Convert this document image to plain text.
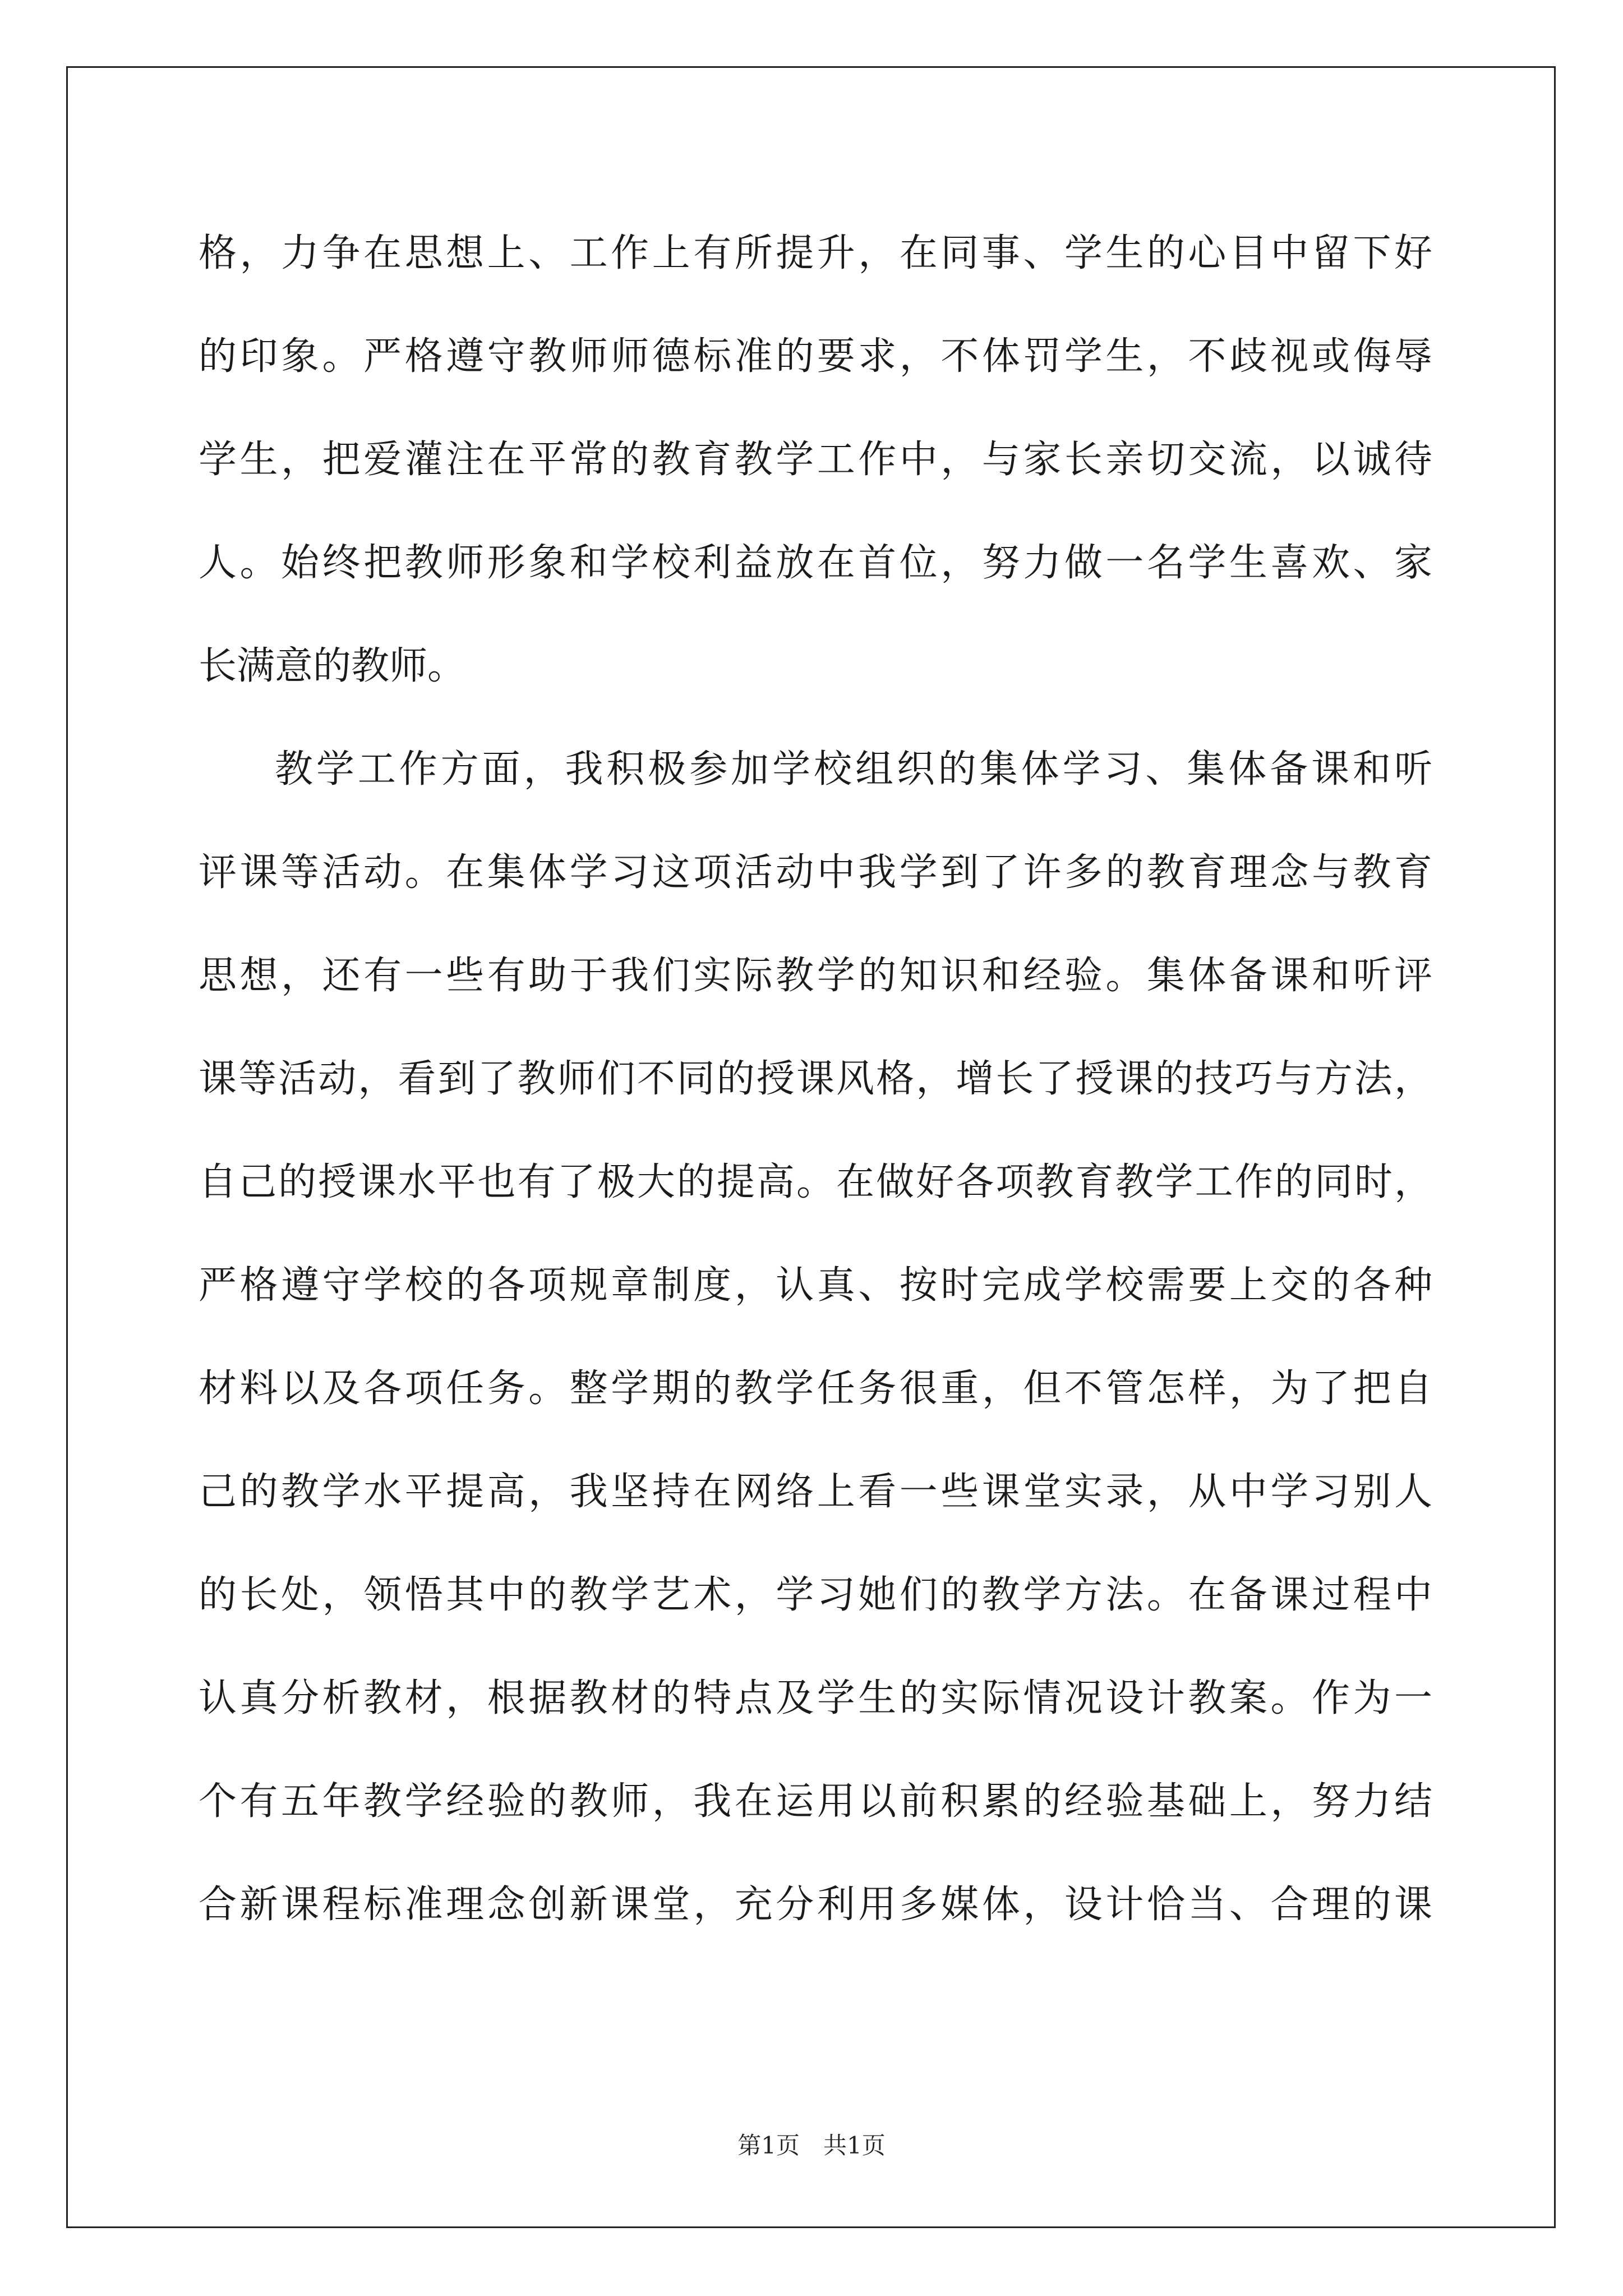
格，力争在思想上、工作上有所提升，在同事、学生的心目中留下好
的印象。严格遵守教师师德标准的要求，不体罚学生，不歧视或侮辱
学生，把爱灌注在平常的教育教学工作中，与家长亲切交流，以诚待
人。始终把教师形象和学校利益放在首位，努力做一名学生喜欢、家
长满意的教师。
教学工作方面，我积极参加学校组织的集体学习、集体备课和听
评课等活动。在集体学习这项活动中我学到了许多的教育理念与教育
思想，还有一些有助于我们实际教学的知识和经验。集体备课和听评
课等活动，看到了教师们不同的授课风格，增长了授课的技巧与方法，
自己的授课水平也有了极大的提高。在做好各项教育教学工作的同时，
严格遵守学校的各项规章制度，认真、按时完成学校需要上交的各种
材料以及各项任务。整学期的教学任务很重，但不管怎样，为了把自
己的教学水平提高，我坚持在网络上看一些课堂实录，从中学习别人
的长处，领悟其中的教学艺术，学习她们的教学方法。在备课过程中
认真分析教材，根据教材的特点及学生的实际情况设计教案。作为一
个有五年教学经验的教师，我在运用以前积累的经验基础上，努力结
合新课程标准理念创新课堂，充分利用多媒体，设计恰当、合理的课
第1页　共1页
